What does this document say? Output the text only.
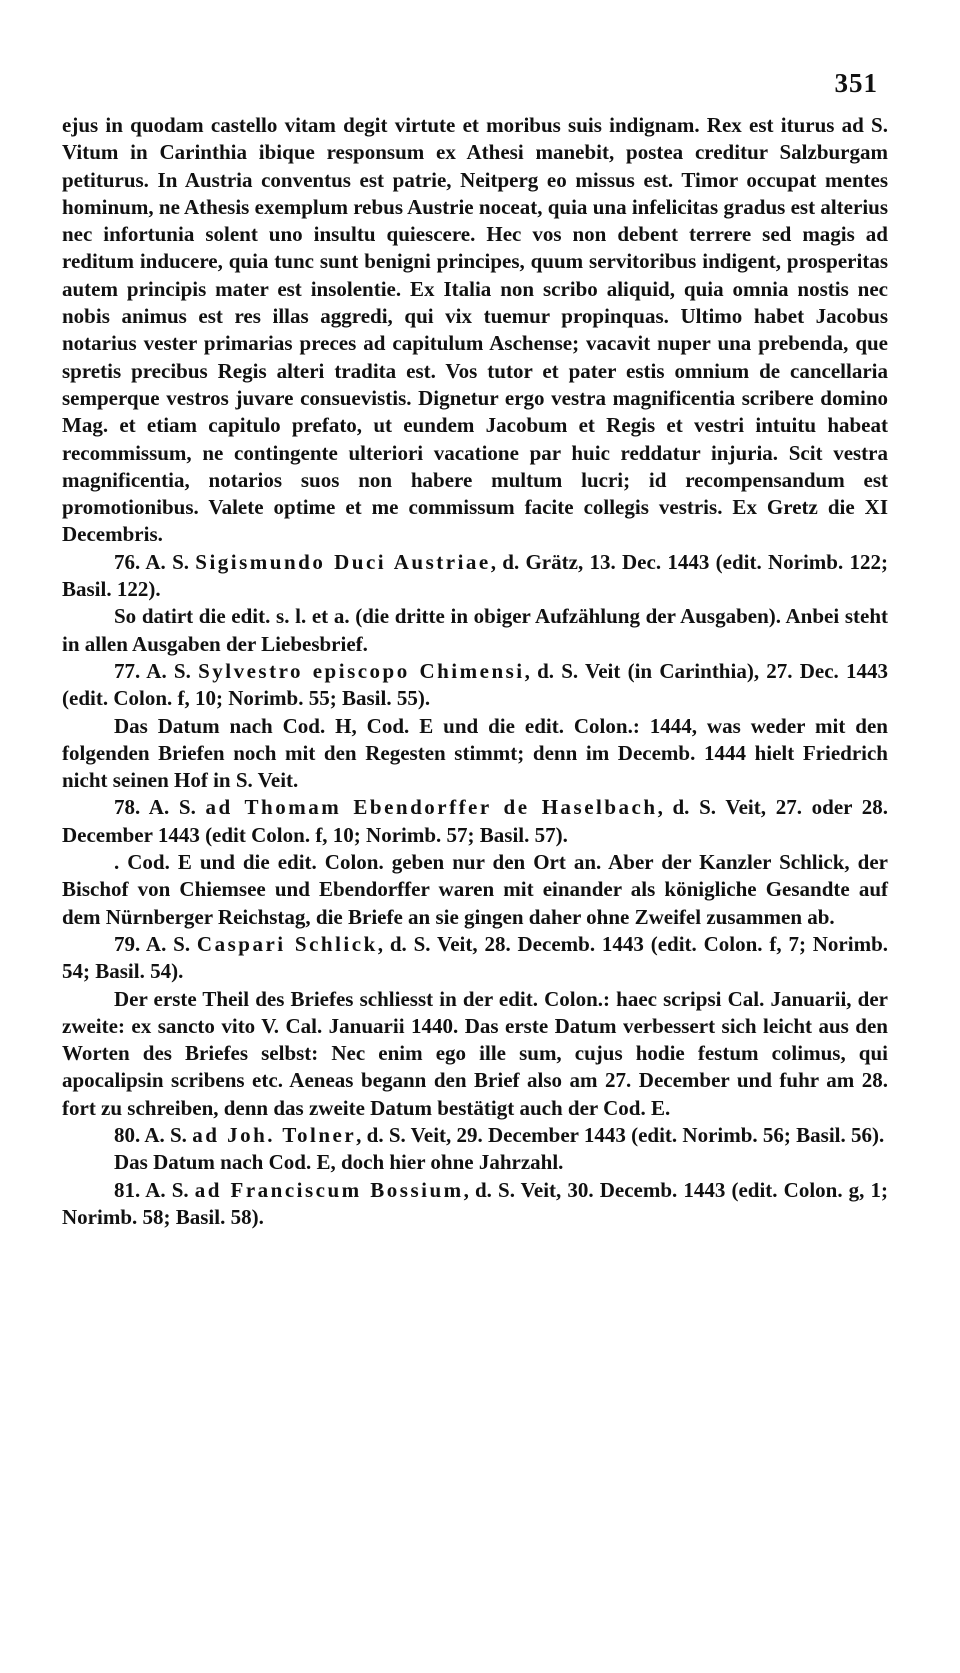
351

ejus in quodam castello vitam degit virtute et moribus suis indignam. Rex est iturus ad S. Vitum in Carinthia ibique responsum ex Athesi manebit, postea creditur Salzburgam petiturus. In Austria conventus est patrie, Neitperg eo missus est. Timor occupat mentes hominum, ne Athesis exemplum rebus Austrie noceat, quia una infelicitas gradus est alterius nec infortunia solent uno insultu quiescere. Hec vos non debent terrere sed magis ad reditum inducere, quia tunc sunt benigni principes, quum servitoribus indigent, prosperitas autem principis mater est insolentie. Ex Italia non scribo aliquid, quia omnia nostis nec nobis animus est res illas aggredi, qui vix tuemur propinquas. Ultimo habet Jacobus notarius vester primarias preces ad capitulum Aschense; vacavit nuper una prebenda, que spretis precibus Regis alteri tradita est. Vos tutor et pater estis omnium de cancellaria semperque vestros juvare consuevistis. Dignetur ergo vestra magnificentia scribere domino Mag. et etiam capitulo prefato, ut eundem Jacobum et Regis et vestri intuitu habeat recommissum, ne contingente ulteriori vacatione par huic reddatur injuria. Scit vestra magnificentia, notarios suos non habere multum lucri; id recompensandum est promotionibus. Valete optime et me commissum facite collegis vestris. Ex Gretz die XI Decembris.

76. A. S. Sigismundo Duci Austriae, d. Grätz, 13. Dec. 1443 (edit. Norimb. 122; Basil. 122).

So datirt die edit. s. l. et a. (die dritte in obiger Aufzählung der Ausgaben). Anbei steht in allen Ausgaben der Liebesbrief.

77. A. S. Sylvestro episcopo Chimensi, d. S. Veit (in Carinthia), 27. Dec. 1443 (edit. Colon. f, 10; Norimb. 55; Basil. 55).

Das Datum nach Cod. H, Cod. E und die edit. Colon.: 1444, was weder mit den folgenden Briefen noch mit den Regesten stimmt; denn im Decemb. 1444 hielt Friedrich nicht seinen Hof in S. Veit.

78. A. S. ad Thomam Ebendorffer de Haselbach, d. S. Veit, 27. oder 28. December 1443 (edit Colon. f, 10; Norimb. 57; Basil. 57).

. Cod. E und die edit. Colon. geben nur den Ort an. Aber der Kanzler Schlick, der Bischof von Chiemsee und Ebendorffer waren mit einander als königliche Gesandte auf dem Nürnberger Reichstag, die Briefe an sie gingen daher ohne Zweifel zusammen ab.

79. A. S. Caspari Schlick, d. S. Veit, 28. Decemb. 1443 (edit. Colon. f, 7; Norimb. 54; Basil. 54).

Der erste Theil des Briefes schliesst in der edit. Colon.: haec scripsi Cal. Januarii, der zweite: ex sancto vito V. Cal. Januarii 1440. Das erste Datum verbessert sich leicht aus den Worten des Briefes selbst: Nec enim ego ille sum, cujus hodie festum colimus, qui apocalipsin scribens etc. Aeneas begann den Brief also am 27. December und fuhr am 28. fort zu schreiben, denn das zweite Datum bestätigt auch der Cod. E.

80. A. S. ad Joh. Tolner, d. S. Veit, 29. December 1443 (edit. Norimb. 56; Basil. 56).

Das Datum nach Cod. E, doch hier ohne Jahrzahl.

81. A. S. ad Franciscum Bossium, d. S. Veit, 30. Decemb. 1443 (edit. Colon. g, 1; Norimb. 58; Basil. 58).
